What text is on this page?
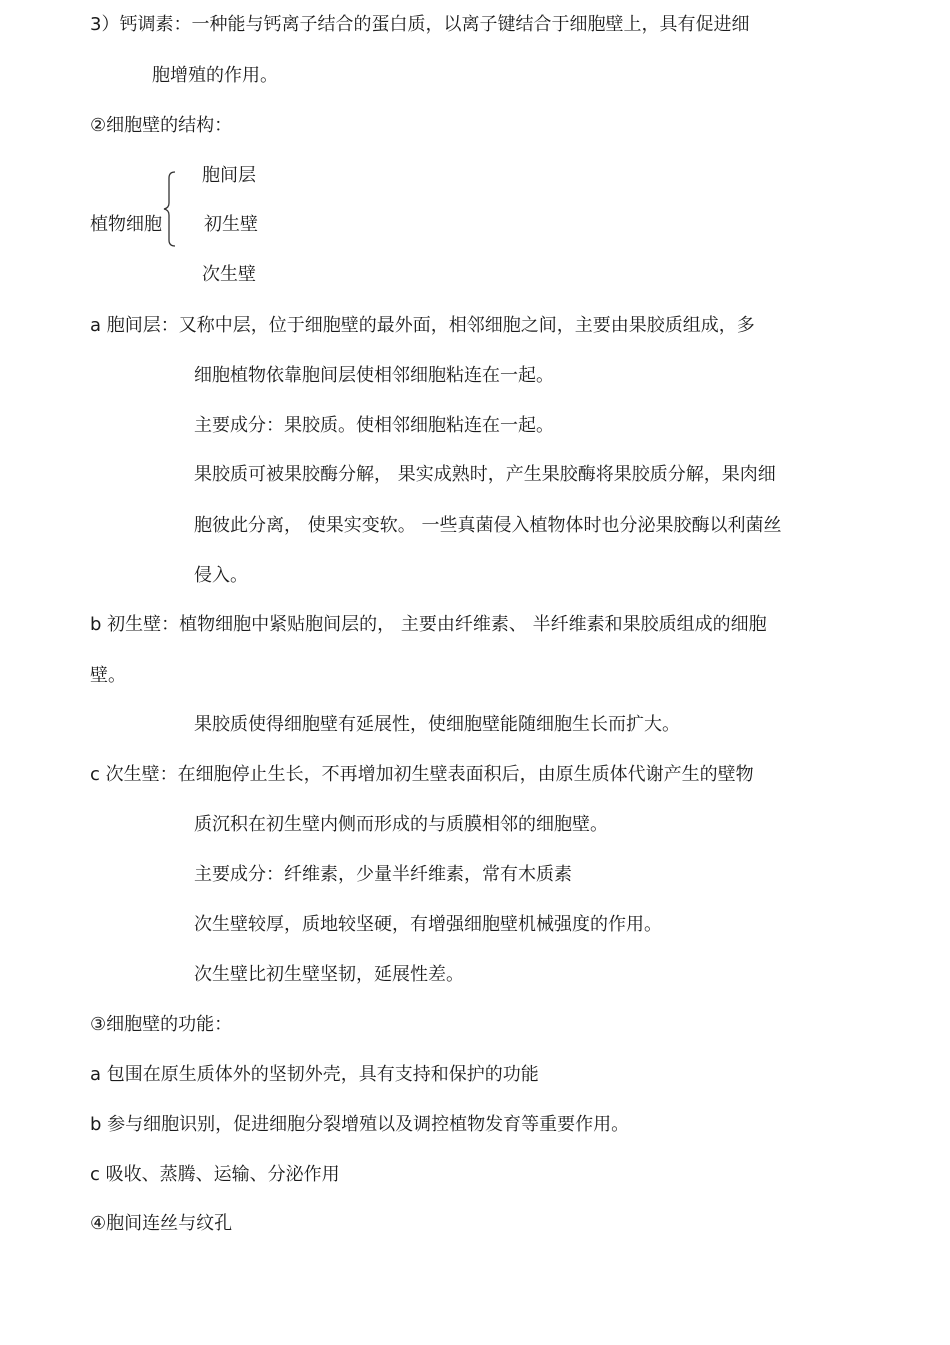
3）钙调素：一种能与钙离子结合的蛋白质，以离子键结合于细胞壁上，具有促进细
胞增殖的作用。
②细胞壁的结构：
植物细胞
胞间层
初生壁
次生壁
a 胞间层：又称中层，位于细胞壁的最外面，相邻细胞之间，主要由果胶质组成，多
细胞植物依靠胞间层使相邻细胞粘连在一起。
主要成分：果胶质。使相邻细胞粘连在一起。
果胶质可被果胶酶分解， 果实成熟时，产生果胶酶将果胶质分解，果肉细
胞彼此分离， 使果实变软。 一些真菌侵入植物体时也分泌果胶酶以利菌丝
侵入。
b 初生壁：植物细胞中紧贴胞间层的， 主要由纤维素、 半纤维素和果胶质组成的细胞
壁。
果胶质使得细胞壁有延展性，使细胞壁能随细胞生长而扩大。
c 次生壁：在细胞停止生长，不再增加初生壁表面积后，由原生质体代谢产生的壁物
质沉积在初生壁内侧而形成的与质膜相邻的细胞壁。
主要成分：纤维素，少量半纤维素，常有木质素
次生壁较厚，质地较坚硬，有增强细胞壁机械强度的作用。
次生壁比初生壁坚韧，延展性差。
③细胞壁的功能：
a 包围在原生质体外的坚韧外壳，具有支持和保护的功能
b 参与细胞识别，促进细胞分裂增殖以及调控植物发育等重要作用。
c 吸收、蒸腾、运输、分泌作用
④胞间连丝与纹孔
